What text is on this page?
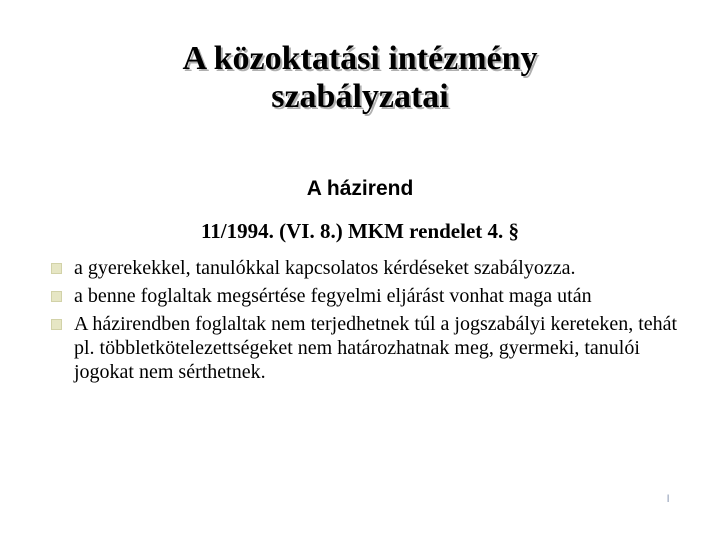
A közoktatási intézmény
szabályzatai
A házirend
11/1994. (VI. 8.) MKM rendelet 4. §
a gyerekekkel, tanulókkal kapcsolatos kérdéseket szabályozza.
a benne foglaltak megsértése fegyelmi eljárást vonhat maga után
A házirendben foglaltak nem terjedhetnek túl a jogszabályi kereteken, tehát pl. többletkötelezettségeket nem határozhatnak meg, gyermeki, tanulói jogokat nem sérthetnek.
l
